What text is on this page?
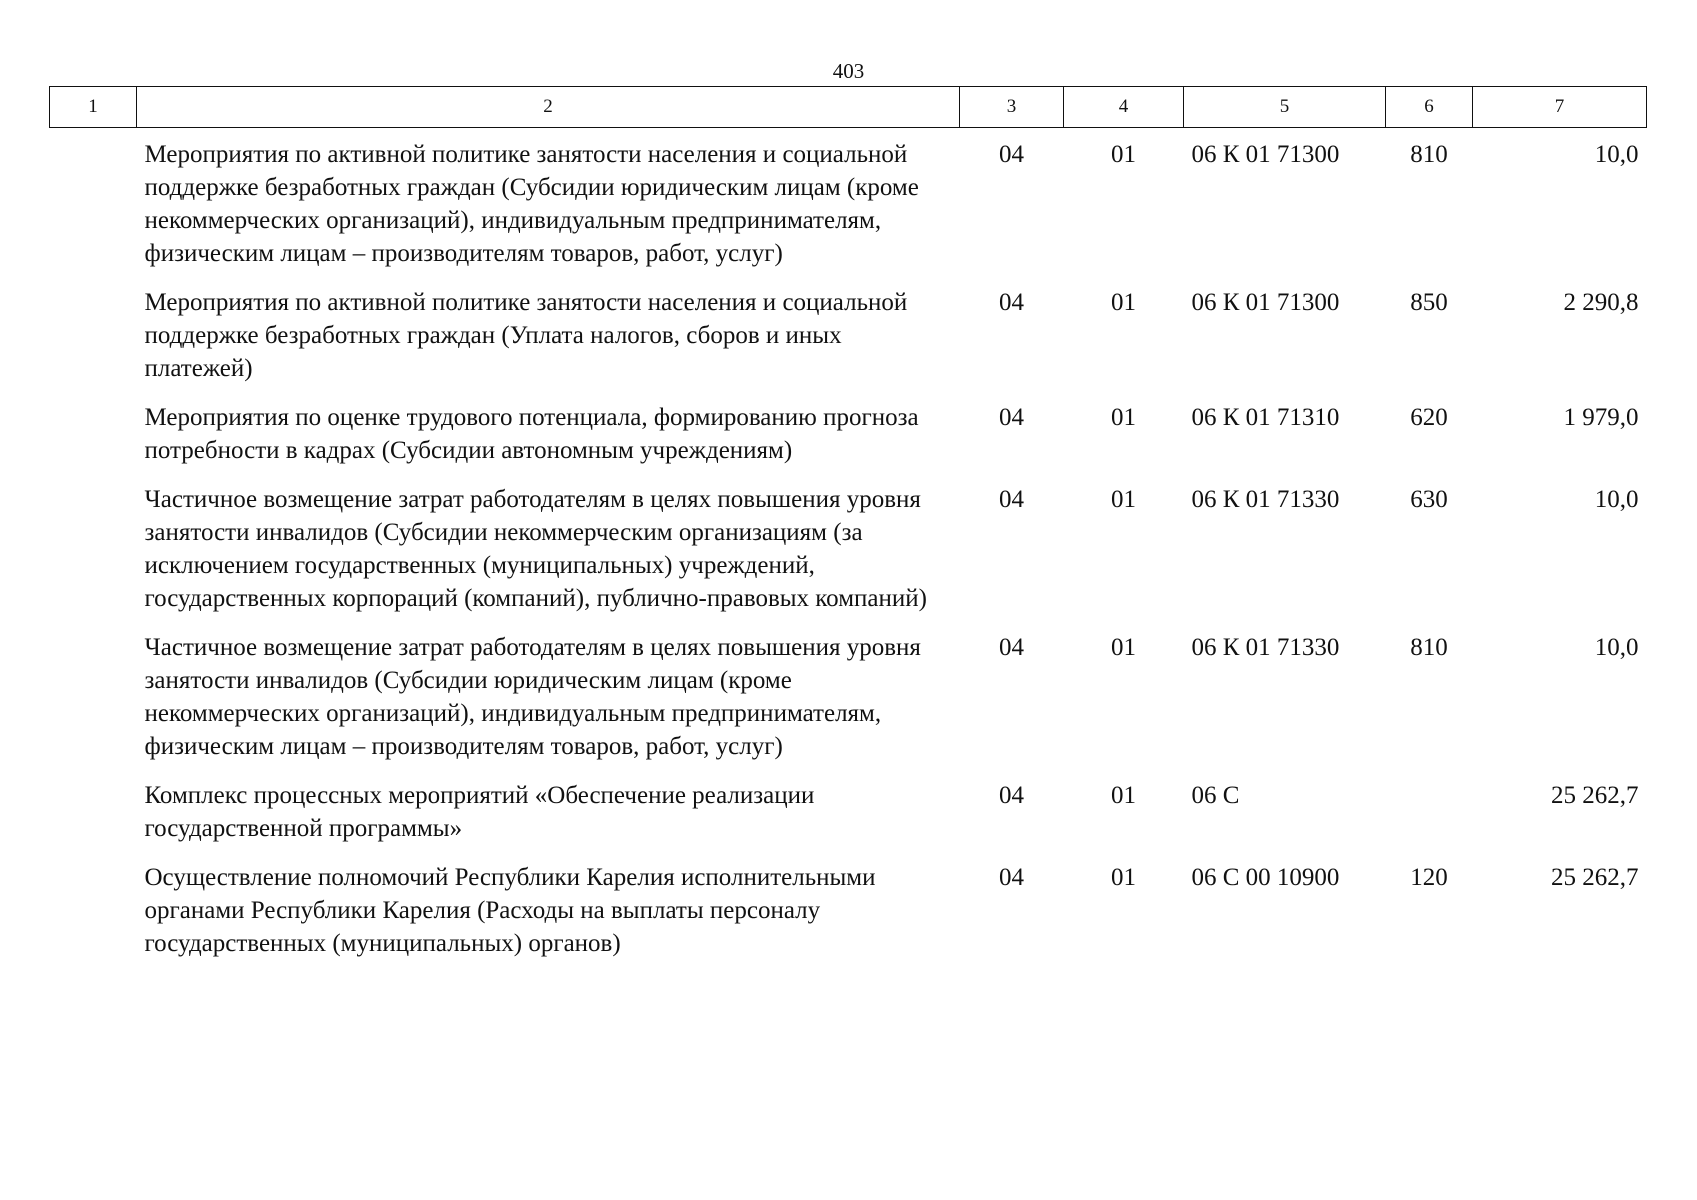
403
1	2	3	4	5	6	7
	Мероприятия по активной политике занятости населения и социальной поддержке безработных граждан (Субсидии юридическим лицам (кроме некоммерческих организаций), индивидуальным предпринимателям, физическим лицам – производителям товаров, работ, услуг)	04	01	06 К 01 71300	810	10,0
	Мероприятия по активной политике занятости населения и социальной поддержке безработных граждан (Уплата налогов, сборов и иных платежей)	04	01	06 К 01 71300	850	2 290,8
	Мероприятия по оценке трудового потенциала, формированию прогноза потребности в кадрах (Субсидии автономным учреждениям)	04	01	06 К 01 71310	620	1 979,0
	Частичное возмещение затрат работодателям в целях повышения уровня занятости инвалидов (Субсидии некоммерческим организациям (за исключением государственных (муниципальных) учреждений, государственных корпораций (компаний), публично-правовых компаний)	04	01	06 К 01 71330	630	10,0
	Частичное возмещение затрат работодателям в целях повышения уровня занятости инвалидов (Субсидии юридическим лицам (кроме некоммерческих организаций), индивидуальным предпринимателям, физическим лицам – производителям товаров, работ, услуг)	04	01	06 К 01 71330	810	10,0
	Комплекс процессных мероприятий «Обеспечение реализации государственной программы»	04	01	06 С		25 262,7
	Осуществление полномочий Республики Карелия исполнительными органами Республики Карелия (Расходы на выплаты персоналу государственных (муниципальных) органов)	04	01	06 С 00 10900	120	25 262,7
